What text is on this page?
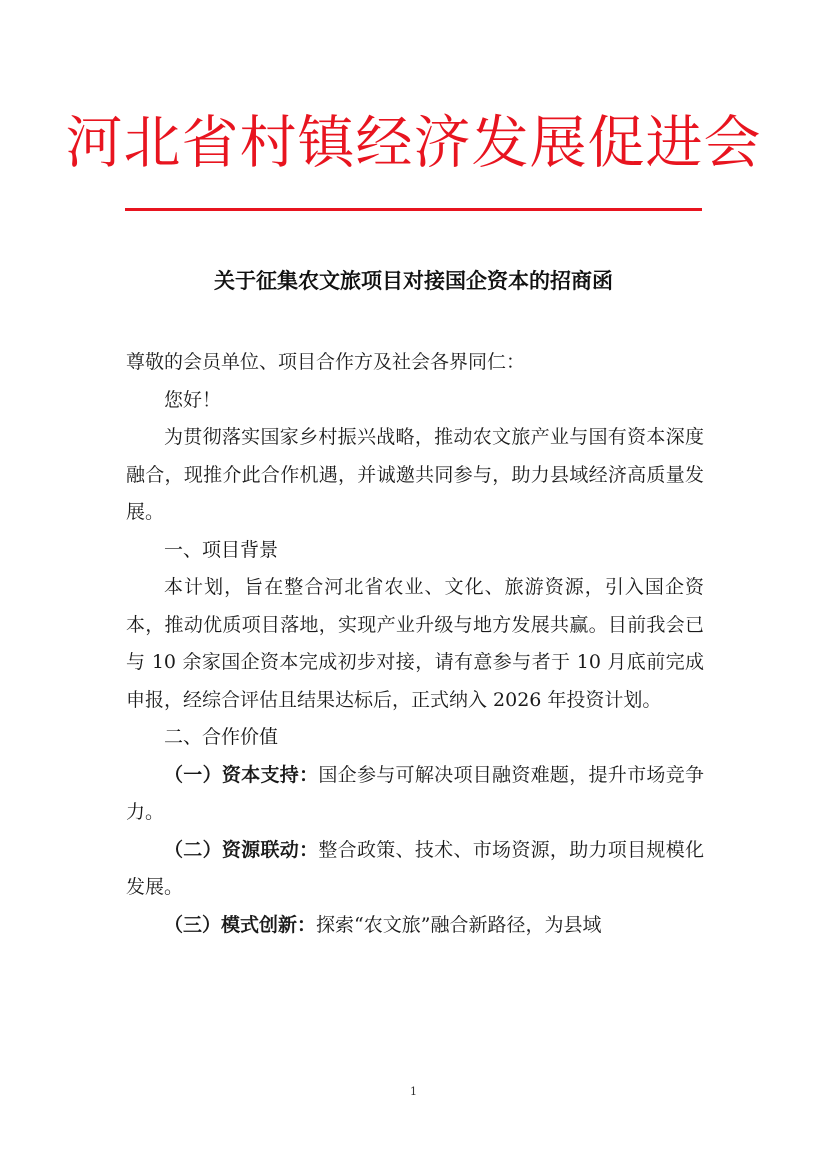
河北省村镇经济发展促进会
关于征集农文旅项目对接国企资本的招商函

尊敬的会员单位、项目合作方及社会各界同仁：

您好！

为贯彻落实国家乡村振兴战略，推动农文旅产业与国有资本深度融合，现推介此合作机遇，并诚邀共同参与，助力县域经济高质量发展。

一、项目背景

本计划，旨在整合河北省农业、文化、旅游资源，引入国企资本，推动优质项目落地，实现产业升级与地方发展共赢。目前我会已与 10 余家国企资本完成初步对接，请有意参与者于 10 月底前完成申报，经综合评估且结果达标后，正式纳入 2026 年投资计划。

二、合作价值

（一）资本支持：国企参与可解决项目融资难题，提升市场竞争力。

（二）资源联动：整合政策、技术、市场资源，助力项目规模化发展。

（三）模式创新：探索“农文旅”融合新路径，为县域

1
